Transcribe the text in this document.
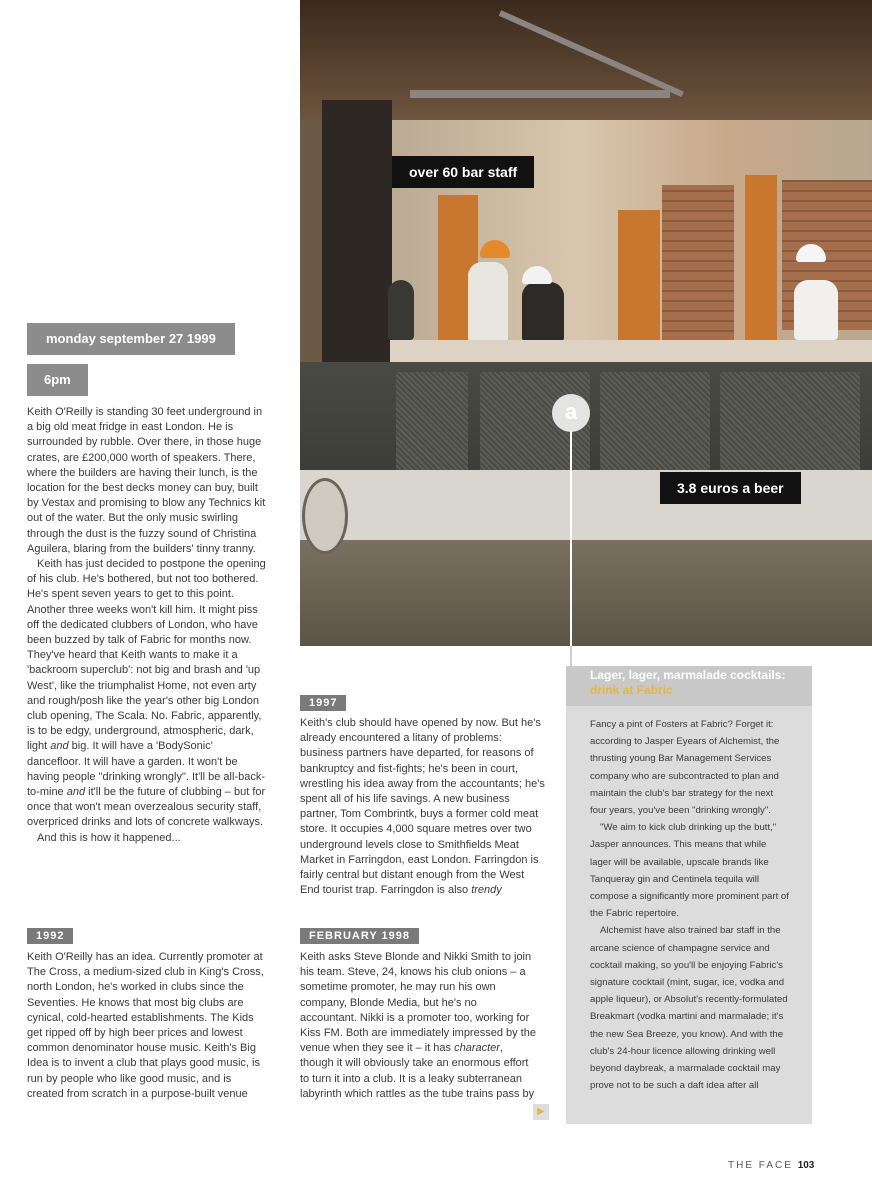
over 60 bar staff
3.8 euros a beer
a
monday september 27 1999
6pm

Keith O'Reilly is standing 30 feet underground in a big old meat fridge in east London. He is surrounded by rubble. Over there, in those huge crates, are £200,000 worth of speakers. There, where the builders are having their lunch, is the location for the best decks money can buy, built by Vestax and promising to blow any Technics kit out of the water. But the only music swirling through the dust is the fuzzy sound of Christina Aguilera, blaring from the builders' tinny tranny.

Keith has just decided to postpone the opening of his club. He's bothered, but not too bothered. He's spent seven years to get to this point. Another three weeks won't kill him. It might piss off the dedicated clubbers of London, who have been buzzed by talk of Fabric for months now. They've heard that Keith wants to make it a 'backroom superclub': not big and brash and 'up West', like the triumphalist Home, not even arty and rough/posh like the year's other big London club opening, The Scala. No. Fabric, apparently, is to be edgy, underground, atmospheric, dark, light and big. It will have a 'BodySonic' dancefloor. It will have a garden. It won't be having people "drinking wrongly". It'll be all-back-to-mine and it'll be the future of clubbing – but for once that won't mean overzealous security staff, overpriced drinks and lots of concrete walkways.

And this is how it happened...

1992
Keith O'Reilly has an idea. Currently promoter at The Cross, a medium-sized club in King's Cross, north London, he's worked in clubs since the Seventies. He knows that most big clubs are cynical, cold-hearted establishments. The Kids get ripped off by high beer prices and lowest common denominator house music. Keith's Big Idea is to invent a club that plays good music, is run by people who like good music, and is created from scratch in a purpose-built venue
1997
Keith's club should have opened by now. But he's already encountered a litany of problems: business partners have departed, for reasons of bankruptcy and fist-fights; he's been in court, wrestling his idea away from the accountants; he's spent all of his life savings. A new business partner, Tom Combrintk, buys a former cold meat store. It occupies 4,000 square metres over two underground levels close to Smithfields Meat Market in Farringdon, east London. Farringdon is fairly central but distant enough from the West End tourist trap. Farringdon is also trendy
FEBRUARY 1998
Keith asks Steve Blonde and Nikki Smith to join his team. Steve, 24, knows his club onions – a sometime promoter, he may run his own company, Blonde Media, but he's no accountant. Nikki is a promoter too, working for Kiss FM. Both are immediately impressed by the venue when they see it – it has character, though it will obviously take an enormous effort to turn it into a club. It is a leaky subterranean labyrinth which rattles as the tube trains pass by
▶
Lager, lager, marmalade cocktails: drink at Fabric

Fancy a pint of Fosters at Fabric? Forget it: according to Jasper Eyears of Alchemist, the thrusting young Bar Management Services company who are subcontracted to plan and maintain the club's bar strategy for the next four years, you've been "drinking wrongly".

"We aim to kick club drinking up the butt," Jasper announces. This means that while lager will be available, upscale brands like Tanqueray gin and Centinela tequila will compose a significantly more prominent part of the Fabric repertoire.

Alchemist have also trained bar staff in the arcane science of champagne service and cocktail making, so you'll be enjoying Fabric's signature cocktail (mint, sugar, ice, vodka and apple liqueur), or Absolut's recently-formulated Breakmart (vodka martini and marmalade; it's the new Sea Breeze, you know). And with the club's 24-hour licence allowing drinking well beyond daybreak, a marmalade cocktail may prove not to be such a daft idea after all

THE FACE 103
